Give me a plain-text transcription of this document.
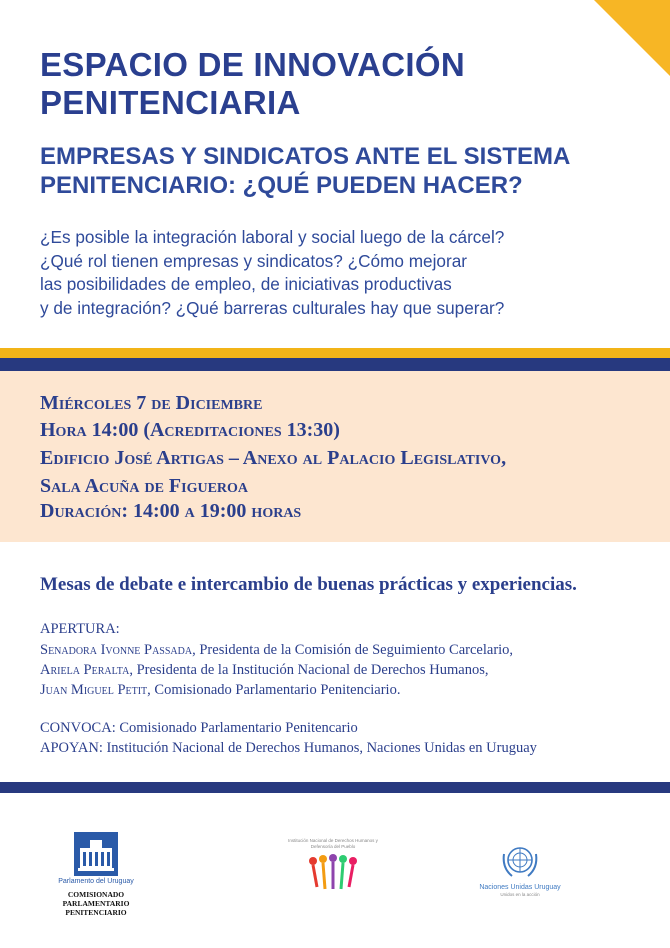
ESPACIO DE INNOVACIÓN PENITENCIARIA
EMPRESAS Y SINDICATOS ANTE EL SISTEMA PENITENCIARIO: ¿QUÉ PUEDEN HACER?
¿Es posible la integración laboral y social luego de la cárcel?
¿Qué rol tienen empresas y sindicatos? ¿Cómo mejorar
las posibilidades de empleo, de iniciativas productivas
y de integración? ¿Qué barreras culturales hay que superar?
Miércoles 7 de Diciembre
Hora 14:00 (Acreditaciones 13:30)
Edificio José Artigas – Anexo al Palacio Legislativo,
Sala Acuña de Figueroa
Duración: 14:00 a 19:00 horas

Mesas de debate e intercambio de buenas prácticas y experiencias.

APERTURA:
Senadora Ivonne Passada, Presidenta de la Comisión de Seguimiento Carcelario,
Ariela Peralta, Presidenta de la Institución Nacional de Derechos Humanos,
Juan Miguel Petit, Comisionado Parlamentario Penitenciario.
CONVOCA: Comisionado Parlamentario Penitencario
APOYAN: Institución Nacional de Derechos Humanos, Naciones Unidas en Uruguay
Parlamento del Uruguay
COMISIONADO PARLAMENTARIO PENITENCIARIO
Institución Nacional de Derechos Humanos y Defensoría del Pueblo
Naciones Unidas Uruguay
Unidos en la acción
